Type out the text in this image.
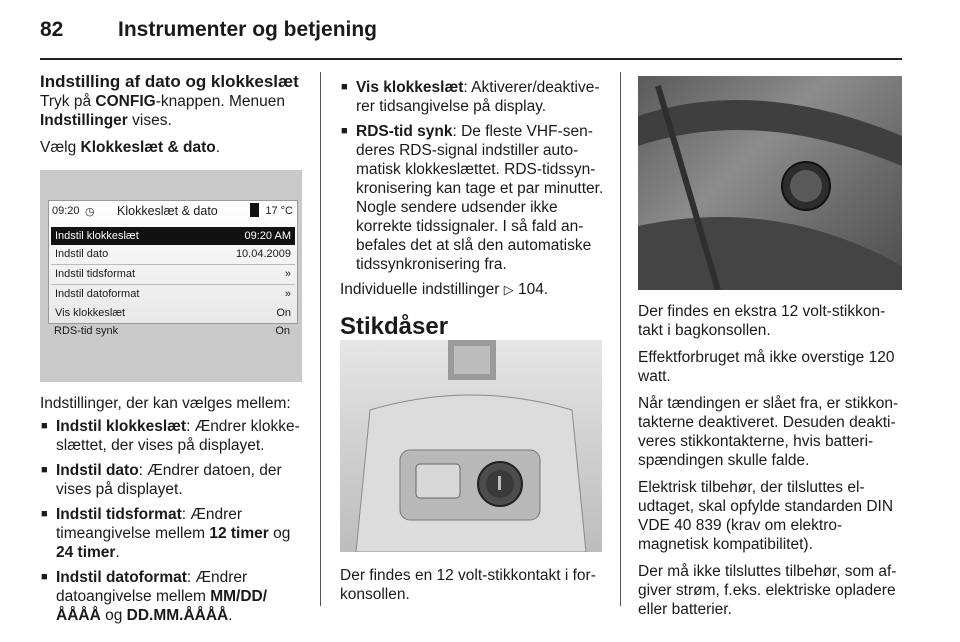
82	Instrumenter og betjening
Indstilling af dato og klokkeslæt

Tryk på CONFIG-knappen. Menuen
Indstillinger vises.

Vælg Klokkeslæt & dato.

09:20 ◷ Klokkeslæt & dato	17 °C
Indstil klokkeslæt	09:20 AM
Indstil dato	10.04.2009
Indstil tidsformat	»
Indstil datoformat	»
Vis klokkeslæt	On
RDS-tid synk	On

Indstillinger, der kan vælges mellem:

■ Indstil klokkeslæt: Ændrer klokkeslættet, der vises på displayet.
■ Indstil dato: Ændrer datoen, der vises på displayet.
■ Indstil tidsformat: Ændrer timeangivelse mellem 12 timer og 24 timer.
■ Indstil datoformat: Ændrer datoangivelse mellem MM/DD/ÅÅÅÅ og DD.MM.ÅÅÅÅ.
■ Vis klokkeslæt: Aktiverer/deaktiverer tidsangivelse på display.
■ RDS-tid synk: De fleste VHF-senderes RDS-signal indstiller automatisk klokkeslættet. RDS-tidssynkronisering kan tage et par minutter. Nogle sendere udsender ikke korrekte tidssignaler. I så fald anbefales det at slå den automatiske tidssynkronisering fra.

Individuelle indstillinger ▷ 104.

Stikdåser
Der findes en 12 volt-stikkontakt i forkonsollen.

Der findes en ekstra 12 volt-stikkontakt i bagkonsollen.

Effektforbruget må ikke overstige 120 watt.

Når tændingen er slået fra, er stikkontakterne deaktiveret. Desuden deaktiveres stikkontakterne, hvis batterispændingen skulle falde.

Elektrisk tilbehør, der tilsluttes eludtaget, skal opfylde standarden DIN VDE 40 839 (krav om elektromagnetisk kompatibilitet).

Der må ikke tilsluttes tilbehør, som afgiver strøm, f.eks. elektriske opladere eller batterier.
